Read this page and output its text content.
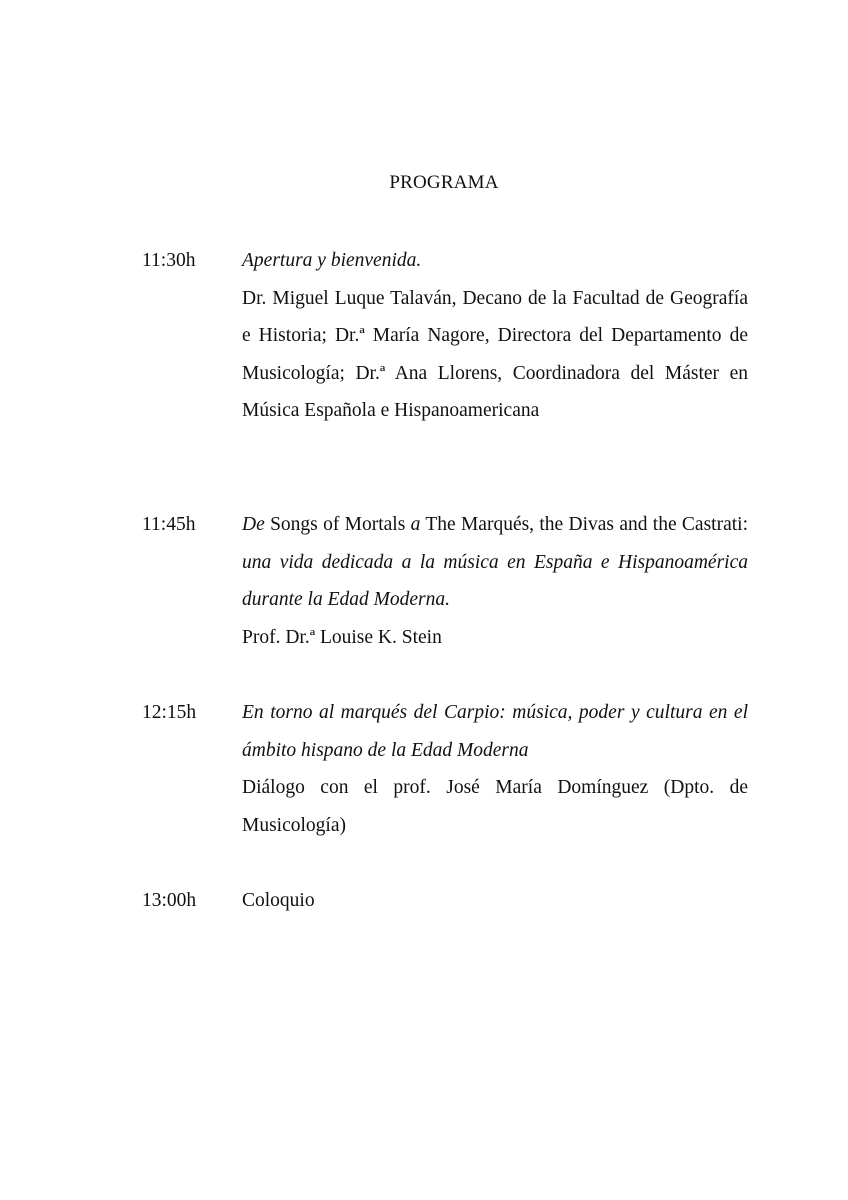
PROGRAMA
11:30h Apertura y bienvenida.

Dr. Miguel Luque Talaván, Decano de la Facultad de Geografía e Historia; Dr.ª María Nagore, Directora del Departamento de Musicología; Dr.ª Ana Llorens, Coordinadora del Máster en Música Española e Hispanoamericana

11:45h De Songs of Mortals a The Marqués, the Divas and the Castrati: una vida dedicada a la música en España e Hispanoamérica durante la Edad Moderna.

Prof. Dr.ª Louise K. Stein

12:15h En torno al marqués del Carpio: música, poder y cultura en el ámbito hispano de la Edad Moderna

Diálogo con el prof. José María Domínguez (Dpto. de Musicología)

13:00h Coloquio
